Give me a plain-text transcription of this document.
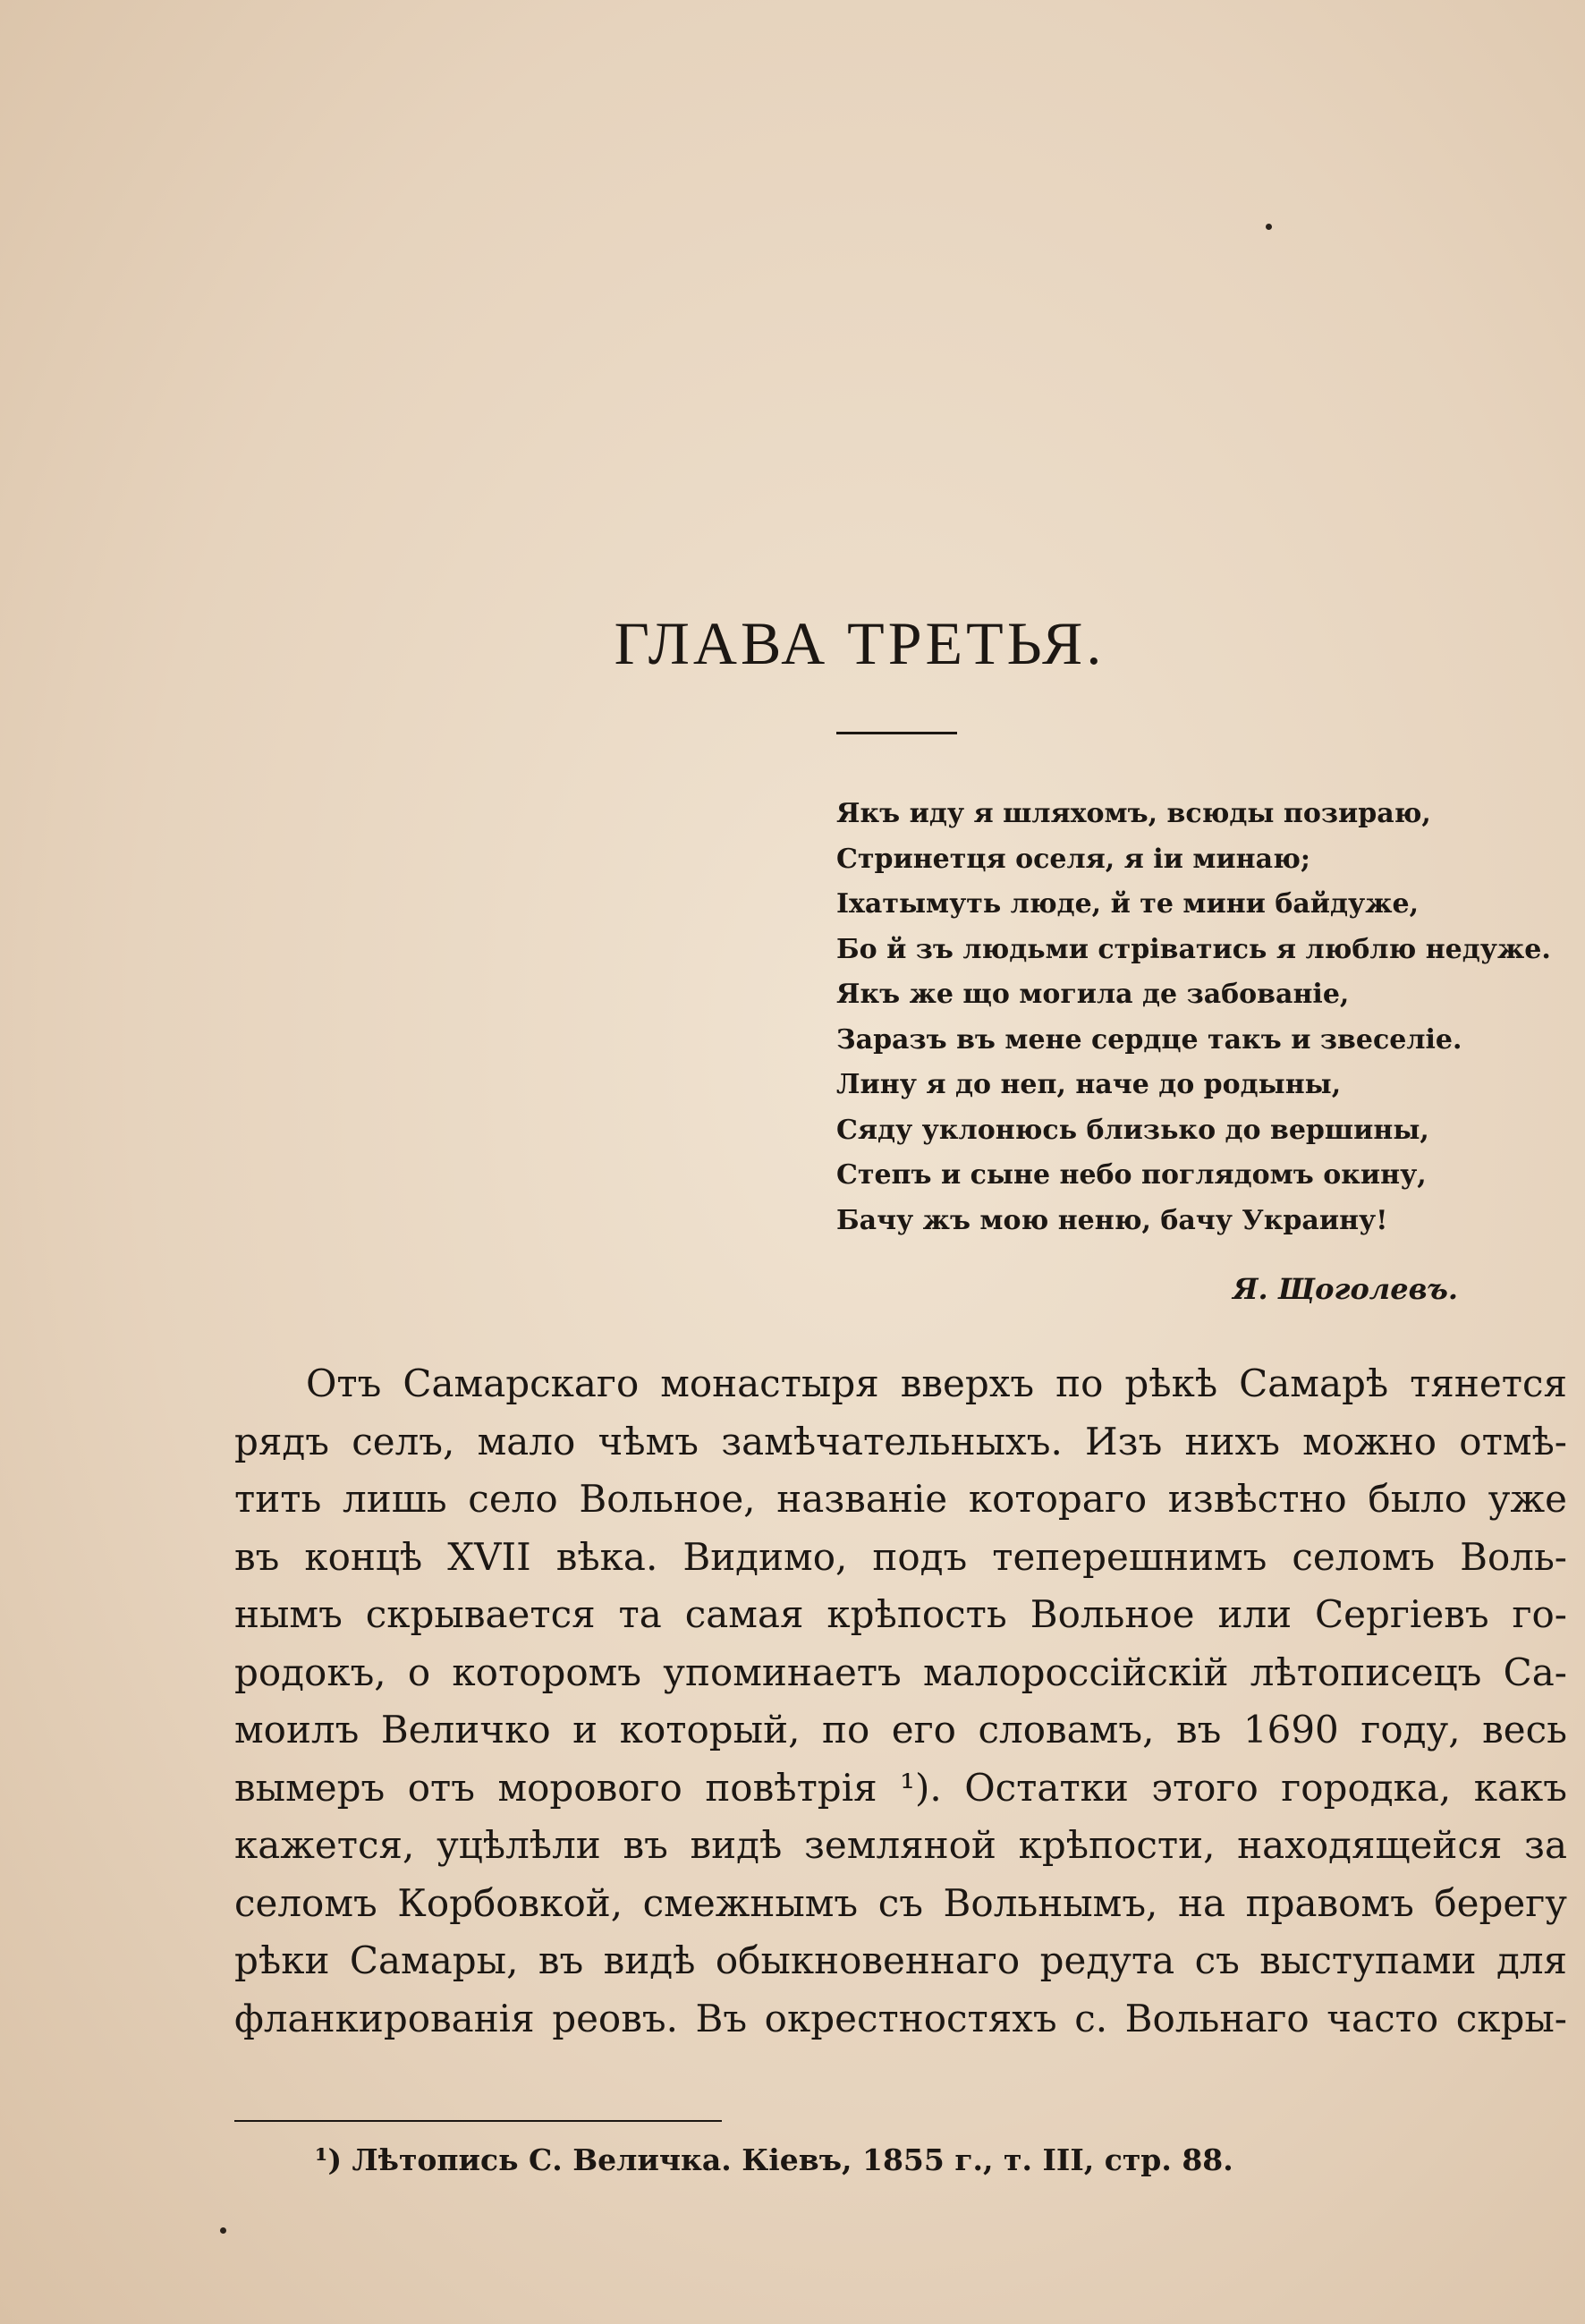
ГЛАВА ТРЕТЬЯ.
Якъ иду я шляхомъ, всюды позираю,
Стринетця оселя, я іи минаю;
Іхатымуть люде, й те мини байдуже,
Бо й зъ людьми стрiватись я люблю недуже.
Якъ же що могила де забованiе,
Заразъ въ мене сердце такъ и звеселiе.
Лину я до неп, наче до родыны,
Сяду уклонюсь близько до вершины,
Степъ и сыне небо поглядомъ окину,
Бачу жъ мою неню, бачу Украину!
Я. Щоголевъ.
Отъ Самарскаго монастыря вверхъ по рѣкѣ Самарѣ тянется
рядъ селъ, мало чѣмъ замѣчательныхъ. Изъ нихъ можно отмѣ-
тить лишь село Вольное, названіе котораго извѣстно было уже
въ концѣ XVII вѣка. Видимо, подъ теперешнимъ селомъ Воль-
нымъ скрывается та самая крѣпость Вольное или Сергіевъ го-
родокъ, о которомъ упоминаетъ малороссійскій лѣтописецъ Са-
моилъ Величко и который, по его словамъ, въ 1690 году, весь
вымеръ отъ морового повѣтрія ¹). Остатки этого городка, какъ
кажется, уцѣлѣли въ видѣ земляной крѣпости, находящейся за
селомъ Корбовкой, смежнымъ съ Вольнымъ, на правомъ берегу
рѣки Самары, въ видѣ обыкновеннаго редута съ выступами для
фланкированія реовъ. Въ окрестностяхъ с. Вольнаго часто скры-
¹) Лѣтопись С. Величка. Кіевъ, 1855 г., т. III, стр. 88.
